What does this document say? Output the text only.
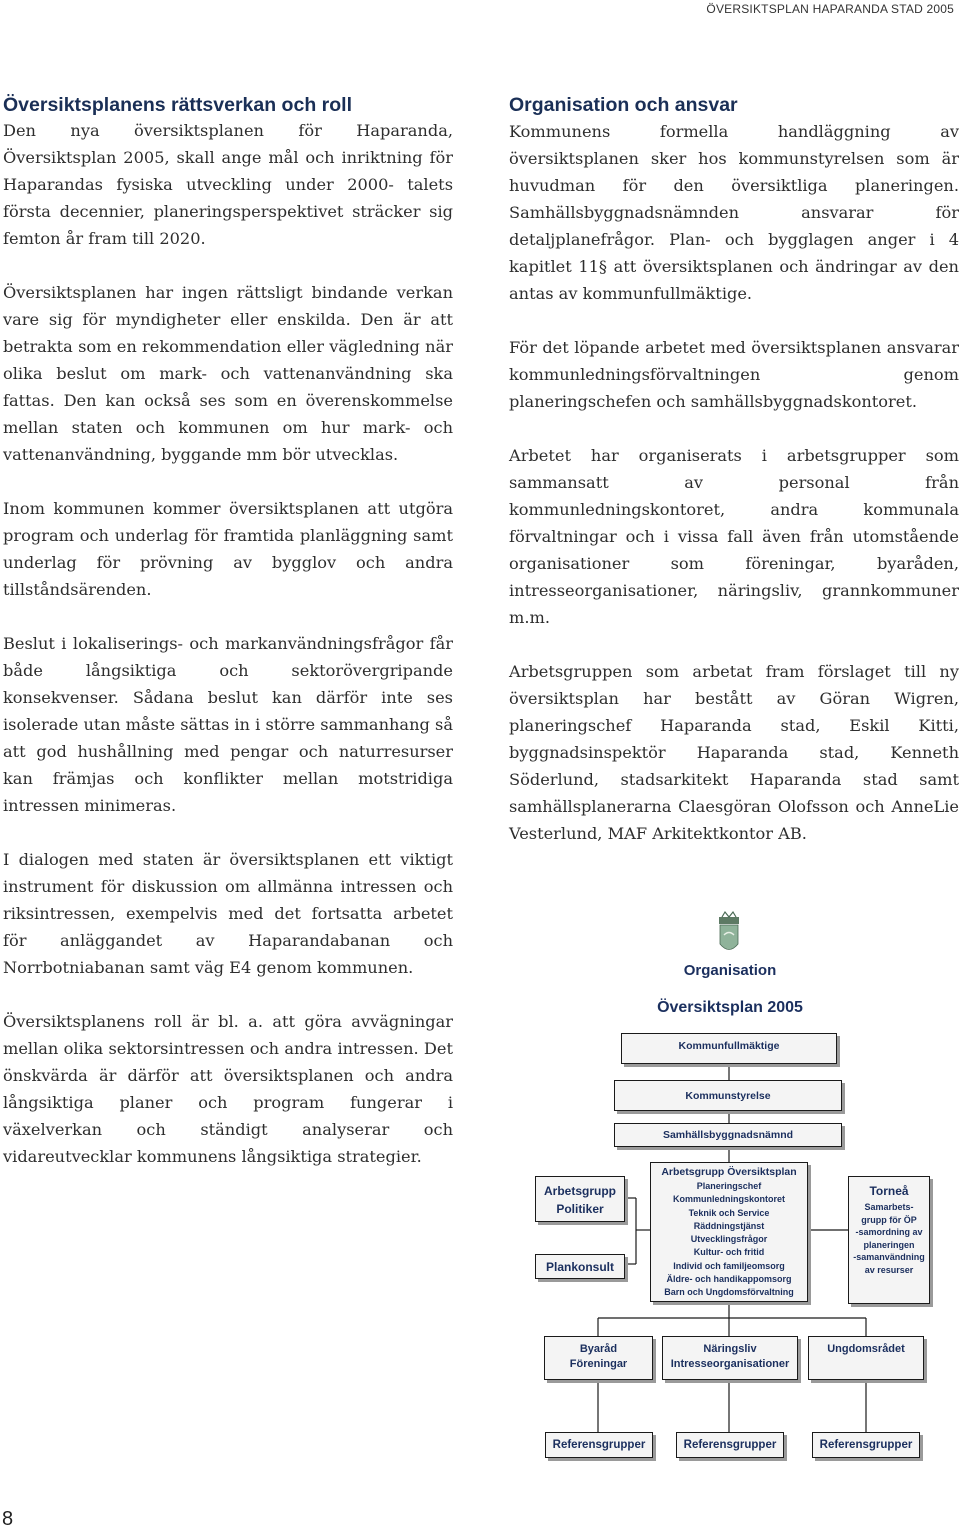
ÖVERSIKTSPLAN HAPARANDA STAD 2005
Översiktsplanens rättsverkan och roll

Den nya översiktsplanen för Haparanda, Översiktsplan 2005, skall ange mål och inriktning för Haparandas fysiska utveckling under 2000- talets första decennier, planeringsperspektivet sträcker sig femton år fram till 2020.

Översiktsplanen har ingen rättsligt bindande verkan vare sig för myndigheter eller enskilda. Den är att betrakta som en rekommendation eller vägledning när olika beslut om mark- och vattenanvändning ska fattas. Den kan också ses som en överenskommelse mellan staten och kommunen om hur mark- och vattenanvändning, byggande mm bör utvecklas.

Inom kommunen kommer översiktsplanen att utgöra program och underlag för framtida planläggning samt underlag för prövning av bygglov och andra tillståndsärenden.

Beslut i lokaliserings- och markanvändningsfrågor får både långsiktiga och sektorövergripande konsekvenser. Sådana beslut kan därför inte ses isolerade utan måste sättas in i större sammanhang så att god hushållning med pengar och naturresurser kan främjas och konflikter mellan motstridiga intressen minimeras.

I dialogen med staten är översiktsplanen ett viktigt instrument för diskussion om allmänna intressen och riksintressen, exempelvis med det fortsatta arbetet för anläggandet av Haparandabanan och Norrbotniabanan samt väg E4 genom kommunen.

Översiktsplanens roll är bl. a. att göra avvägningar mellan olika sektorsintressen och andra intressen. Det önskvärda är därför att översiktsplanen och andra långsiktiga planer och program fungerar i växelverkan och ständigt analyserar och vidareutvecklar kommunens långsiktiga strategier.

Organisation och ansvar

Kommunens formella handläggning av översiktsplanen sker hos kommunstyrelsen som är huvudman för den översiktliga planeringen. Samhällsbyggnadsnämnden ansvarar för detaljplanefrågor. Plan- och bygglagen anger i 4 kapitlet 11§ att översiktsplanen och ändringar av den antas av kommunfullmäktige.

För det löpande arbetet med översiktsplanen ansvarar kommunledningsförvaltningen genom planeringschefen och samhällsbyggnadskontoret.

Arbetet har organiserats i arbetsgrupper som sammansatt av personal från kommunledningskontoret, andra kommunala förvaltningar och i vissa fall även från utomstående organisationer som föreningar, byaråden, intresseorganisationer, näringsliv, grannkommuner m.m.

Arbetsgruppen som arbetat fram förslaget till ny översiktsplan har bestått av Göran Wigren, planeringschef Haparanda stad, Eskil Kitti, byggnadsinspektör Haparanda stad, Kenneth Söderlund, stadsarkitekt Haparanda stad samt samhällsplanerarna Claesgöran Olofsson och AnneLie Vesterlund, MAF Arkitektkontor AB.

Organisation
Översiktsplan 2005
Kommunfullmäktige
Kommunstyrelse
Samhällsbyggnadsnämnd
Arbetsgrupp
Politiker
Plankonsult
Arbetsgrupp Översiktsplan
Planeringschef
Kommunledningskontoret
Teknik och Service
Räddningstjänst
Utvecklingsfrågor
Kultur- och fritid
Individ och familjeomsorg
Äldre- och handikappomsorg
Barn och Ungdomsförvaltning
Torneå
Samarbets-
grupp för ÖP
-samordning av
planeringen
-samanvändning
av resurser
Byaråd
Föreningar
Näringsliv
Intresseorganisationer
Ungdomsrådet
Referensgrupper	Referensgrupper	Referensgrupper
8
